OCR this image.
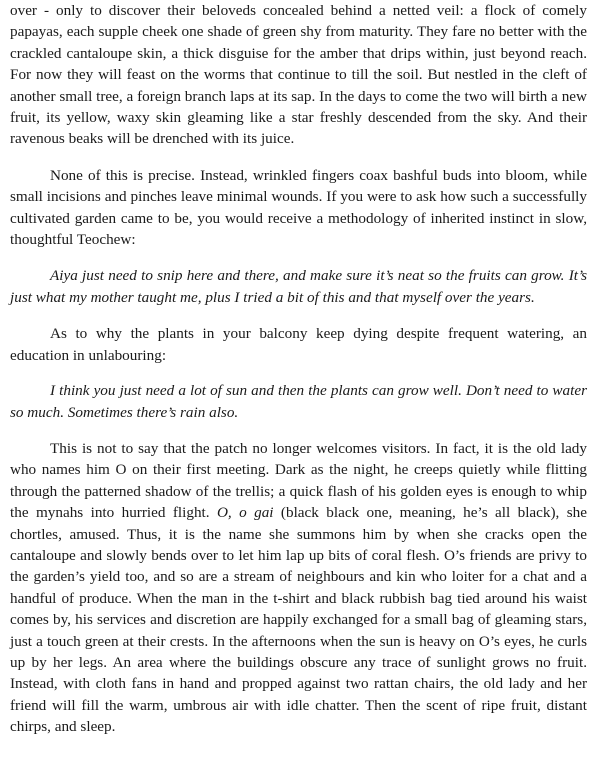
over - only to discover their beloveds concealed behind a netted veil: a flock of comely papayas, each supple cheek one shade of green shy from maturity. They fare no better with the crackled cantaloupe skin, a thick disguise for the amber that drips within, just beyond reach. For now they will feast on the worms that continue to till the soil. But nestled in the cleft of another small tree, a foreign branch laps at its sap. In the days to come the two will birth a new fruit, its yellow, waxy skin gleaming like a star freshly descended from the sky. And their ravenous beaks will be drenched with its juice.

None of this is precise. Instead, wrinkled fingers coax bashful buds into bloom, while small incisions and pinches leave minimal wounds. If you were to ask how such a successfully cultivated garden came to be, you would receive a methodology of inherited instinct in slow, thoughtful Teochew:

Aiya just need to snip here and there, and make sure it’s neat so the fruits can grow. It’s just what my mother taught me, plus I tried a bit of this and that myself over the years.

As to why the plants in your balcony keep dying despite frequent watering, an education in unlabouring:

I think you just need a lot of sun and then the plants can grow well. Don’t need to water so much. Sometimes there’s rain also.

This is not to say that the patch no longer welcomes visitors. In fact, it is the old lady who names him O on their first meeting. Dark as the night, he creeps quietly while flitting through the patterned shadow of the trellis; a quick flash of his golden eyes is enough to whip the mynahs into hurried flight. O, o gai (black black one, meaning, he’s all black), she chortles, amused. Thus, it is the name she summons him by when she cracks open the cantaloupe and slowly bends over to let him lap up bits of coral flesh. O’s friends are privy to the garden’s yield too, and so are a stream of neighbours and kin who loiter for a chat and a handful of produce. When the man in the t-shirt and black rubbish bag tied around his waist comes by, his services and discretion are happily exchanged for a small bag of gleaming stars, just a touch green at their crests. In the afternoons when the sun is heavy on O’s eyes, he curls up by her legs. An area where the buildings obscure any trace of sunlight grows no fruit. Instead, with cloth fans in hand and propped against two rattan chairs, the old lady and her friend will fill the warm, umbrous air with idle chatter. Then the scent of ripe fruit, distant chirps, and sleep.
